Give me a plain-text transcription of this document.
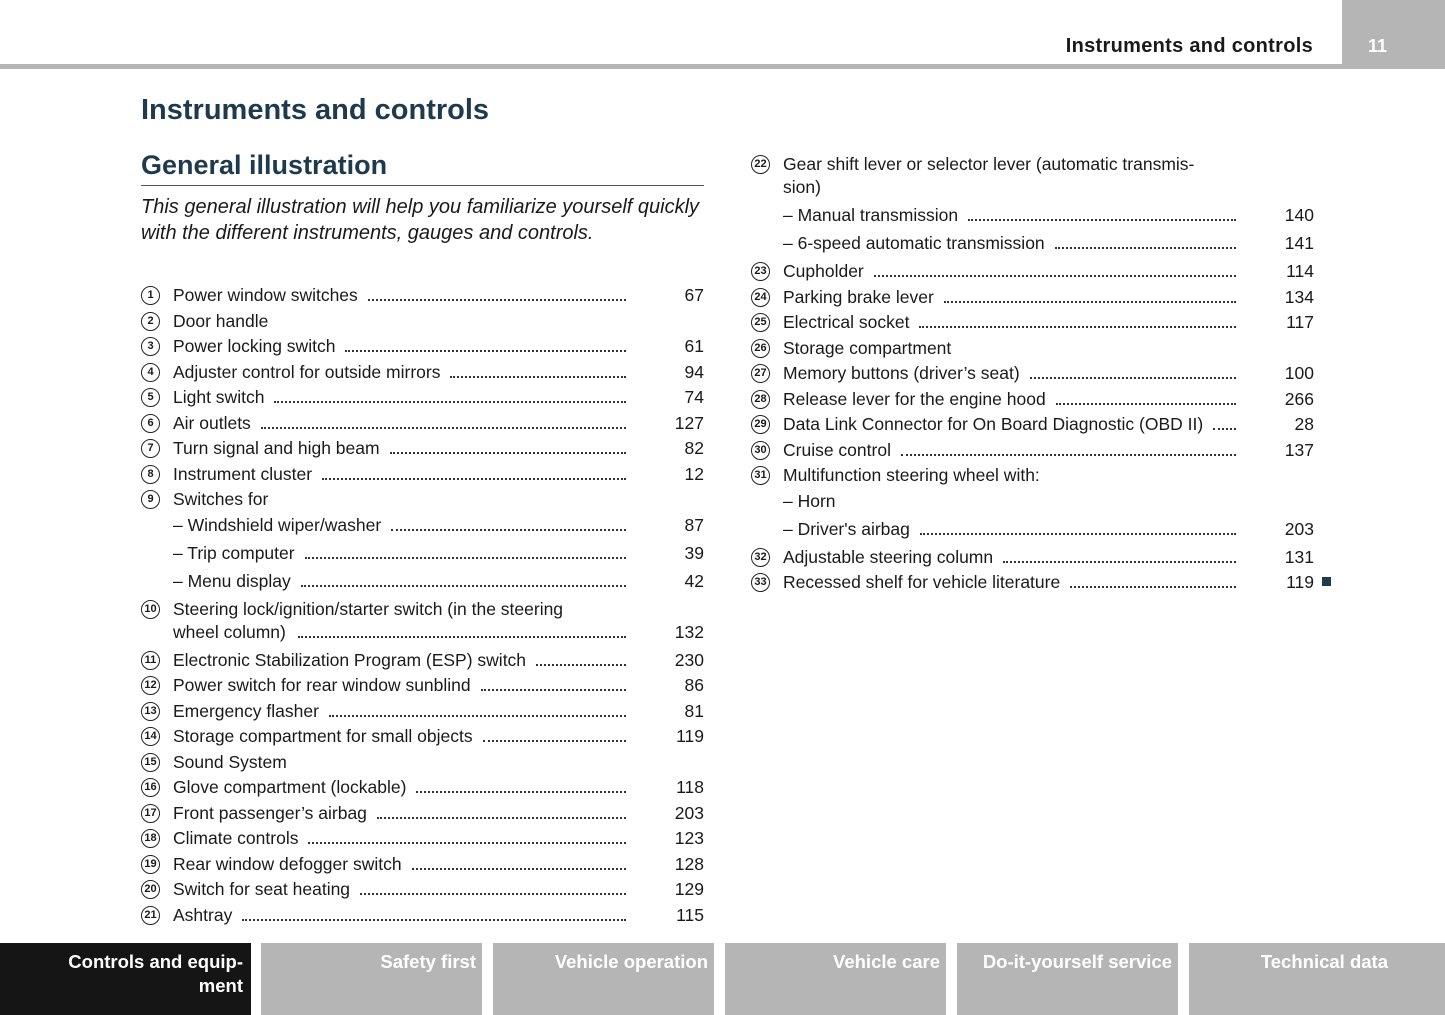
Instruments and controls	11
Instruments and controls
General illustration
This general illustration will help you familiarize yourself quickly with the different instruments, gauges and controls.
1	Power window switches	67
2	Door handle
3	Power locking switch	61
4	Adjuster control for outside mirrors	94
5	Light switch	74
6	Air outlets	127
7	Turn signal and high beam	82
8	Instrument cluster	12
9	Switches for
– Windshield wiper/washer	87
– Trip computer	39
– Menu display	42
10 Steering lock/ignition/starter switch (in the steering wheel column)	132
11 Electronic Stabilization Program (ESP) switch	230
12 Power switch for rear window sunblind	86
13 Emergency flasher	81
14 Storage compartment for small objects	119
15 Sound System
16 Glove compartment (lockable)	118
17 Front passenger’s airbag	203
18 Climate controls	123
19 Rear window defogger switch	128
20 Switch for seat heating	129
21 Ashtray	115
22 Gear shift lever or selector lever (automatic transmis- sion)
– Manual transmission	140
– 6-speed automatic transmission	141
23 Cupholder	114
24 Parking brake lever	134
25 Electrical socket	117
26 Storage compartment
27 Memory buttons (driver’s seat)	100
28 Release lever for the engine hood	266
29 Data Link Connector for On Board Diagnostic (OBD II)	28
30 Cruise control	137
31 Multifunction steering wheel with:
– Horn
– Driver's airbag	203
32 Adjustable steering column	131
33 Recessed shelf for vehicle literature	119
Controls and equip- ment
Safety first	Vehicle operation	Vehicle care	Do-it-yourself service	Technical data
